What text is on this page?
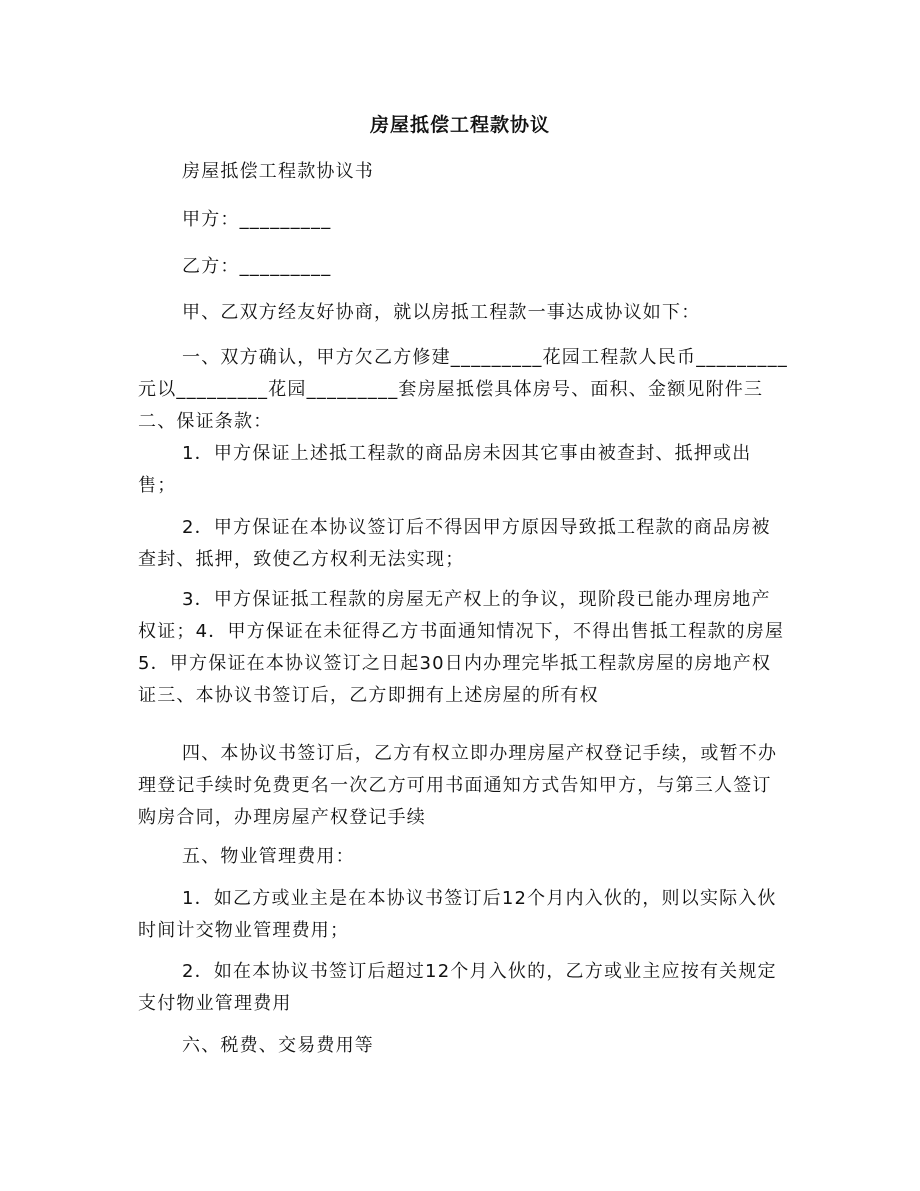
房屋抵偿工程款协议

房屋抵偿工程款协议书

甲方：_________

乙方：_________

甲、乙双方经友好协商，就以房抵工程款一事达成协议如下：

一、双方确认，甲方欠乙方修建_________花园工程款人民币_________元以_________花园_________套房屋抵偿具体房号、面积、金额见附件三二、保证条款：

1．甲方保证上述抵工程款的商品房未因其它事由被查封、抵押或出售；

2．甲方保证在本协议签订后不得因甲方原因导致抵工程款的商品房被查封、抵押，致使乙方权利无法实现；

3．甲方保证抵工程款的房屋无产权上的争议，现阶段已能办理房地产权证；4．甲方保证在未征得乙方书面通知情况下，不得出售抵工程款的房屋5．甲方保证在本协议签订之日起30日内办理完毕抵工程款房屋的房地产权证三、本协议书签订后，乙方即拥有上述房屋的所有权

四、本协议书签订后，乙方有权立即办理房屋产权登记手续，或暂不办理登记手续时免费更名一次乙方可用书面通知方式告知甲方，与第三人签订购房合同，办理房屋产权登记手续

五、物业管理费用：

1．如乙方或业主是在本协议书签订后12个月内入伙的，则以实际入伙时间计交物业管理费用；

2．如在本协议书签订后超过12个月入伙的，乙方或业主应按有关规定支付物业管理费用

六、税费、交易费用等
